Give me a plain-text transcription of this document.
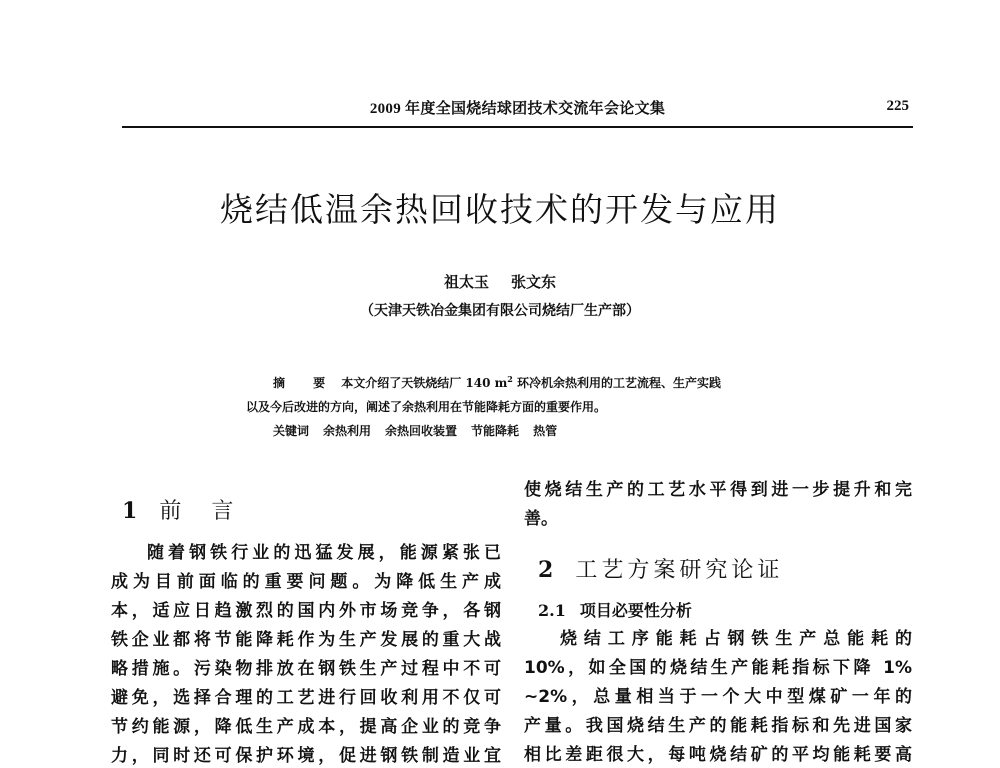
2009 年度全国烧结球团技术交流年会论文集	225
烧结低温余热回收技术的开发与应用
祖太玉 张文东
（天津天铁冶金集团有限公司烧结厂生产部）
摘 要 本文介绍了天铁烧结厂 140 $m^2$ 环冷机余热利用的工艺流程、生产实践
以及今后改进的方向，阐述了余热利用在节能降耗方面的重要作用。
关键词 余热利用 余热回收装置 节能降耗 热管
1 前　言
随着钢铁行业的迅猛发展，能源紧张已
成为目前面临的重要问题。为降低生产成
本，适应日趋激烈的国内外市场竞争，各钢
铁企业都将节能降耗作为生产发展的重大战
略措施。污染物排放在钢铁生产过程中不可
避免，选择合理的工艺进行回收利用不仅可
节约能源，降低生产成本，提高企业的竞争
力，同时还可保护环境，促进钢铁制造业宜
使烧结生产的工艺水平得到进一步提升和完
善。
2 工艺方案研究论证
2.1 项目必要性分析
烧结工序能耗占钢铁生产总能耗的
10%，如全国的烧结生产能耗指标下降 1%
~2%，总量相当于一个大中型煤矿一年的
产量。我国烧结生产的能耗指标和先进国家
相比差距很大，每吨烧结矿的平均能耗要高
